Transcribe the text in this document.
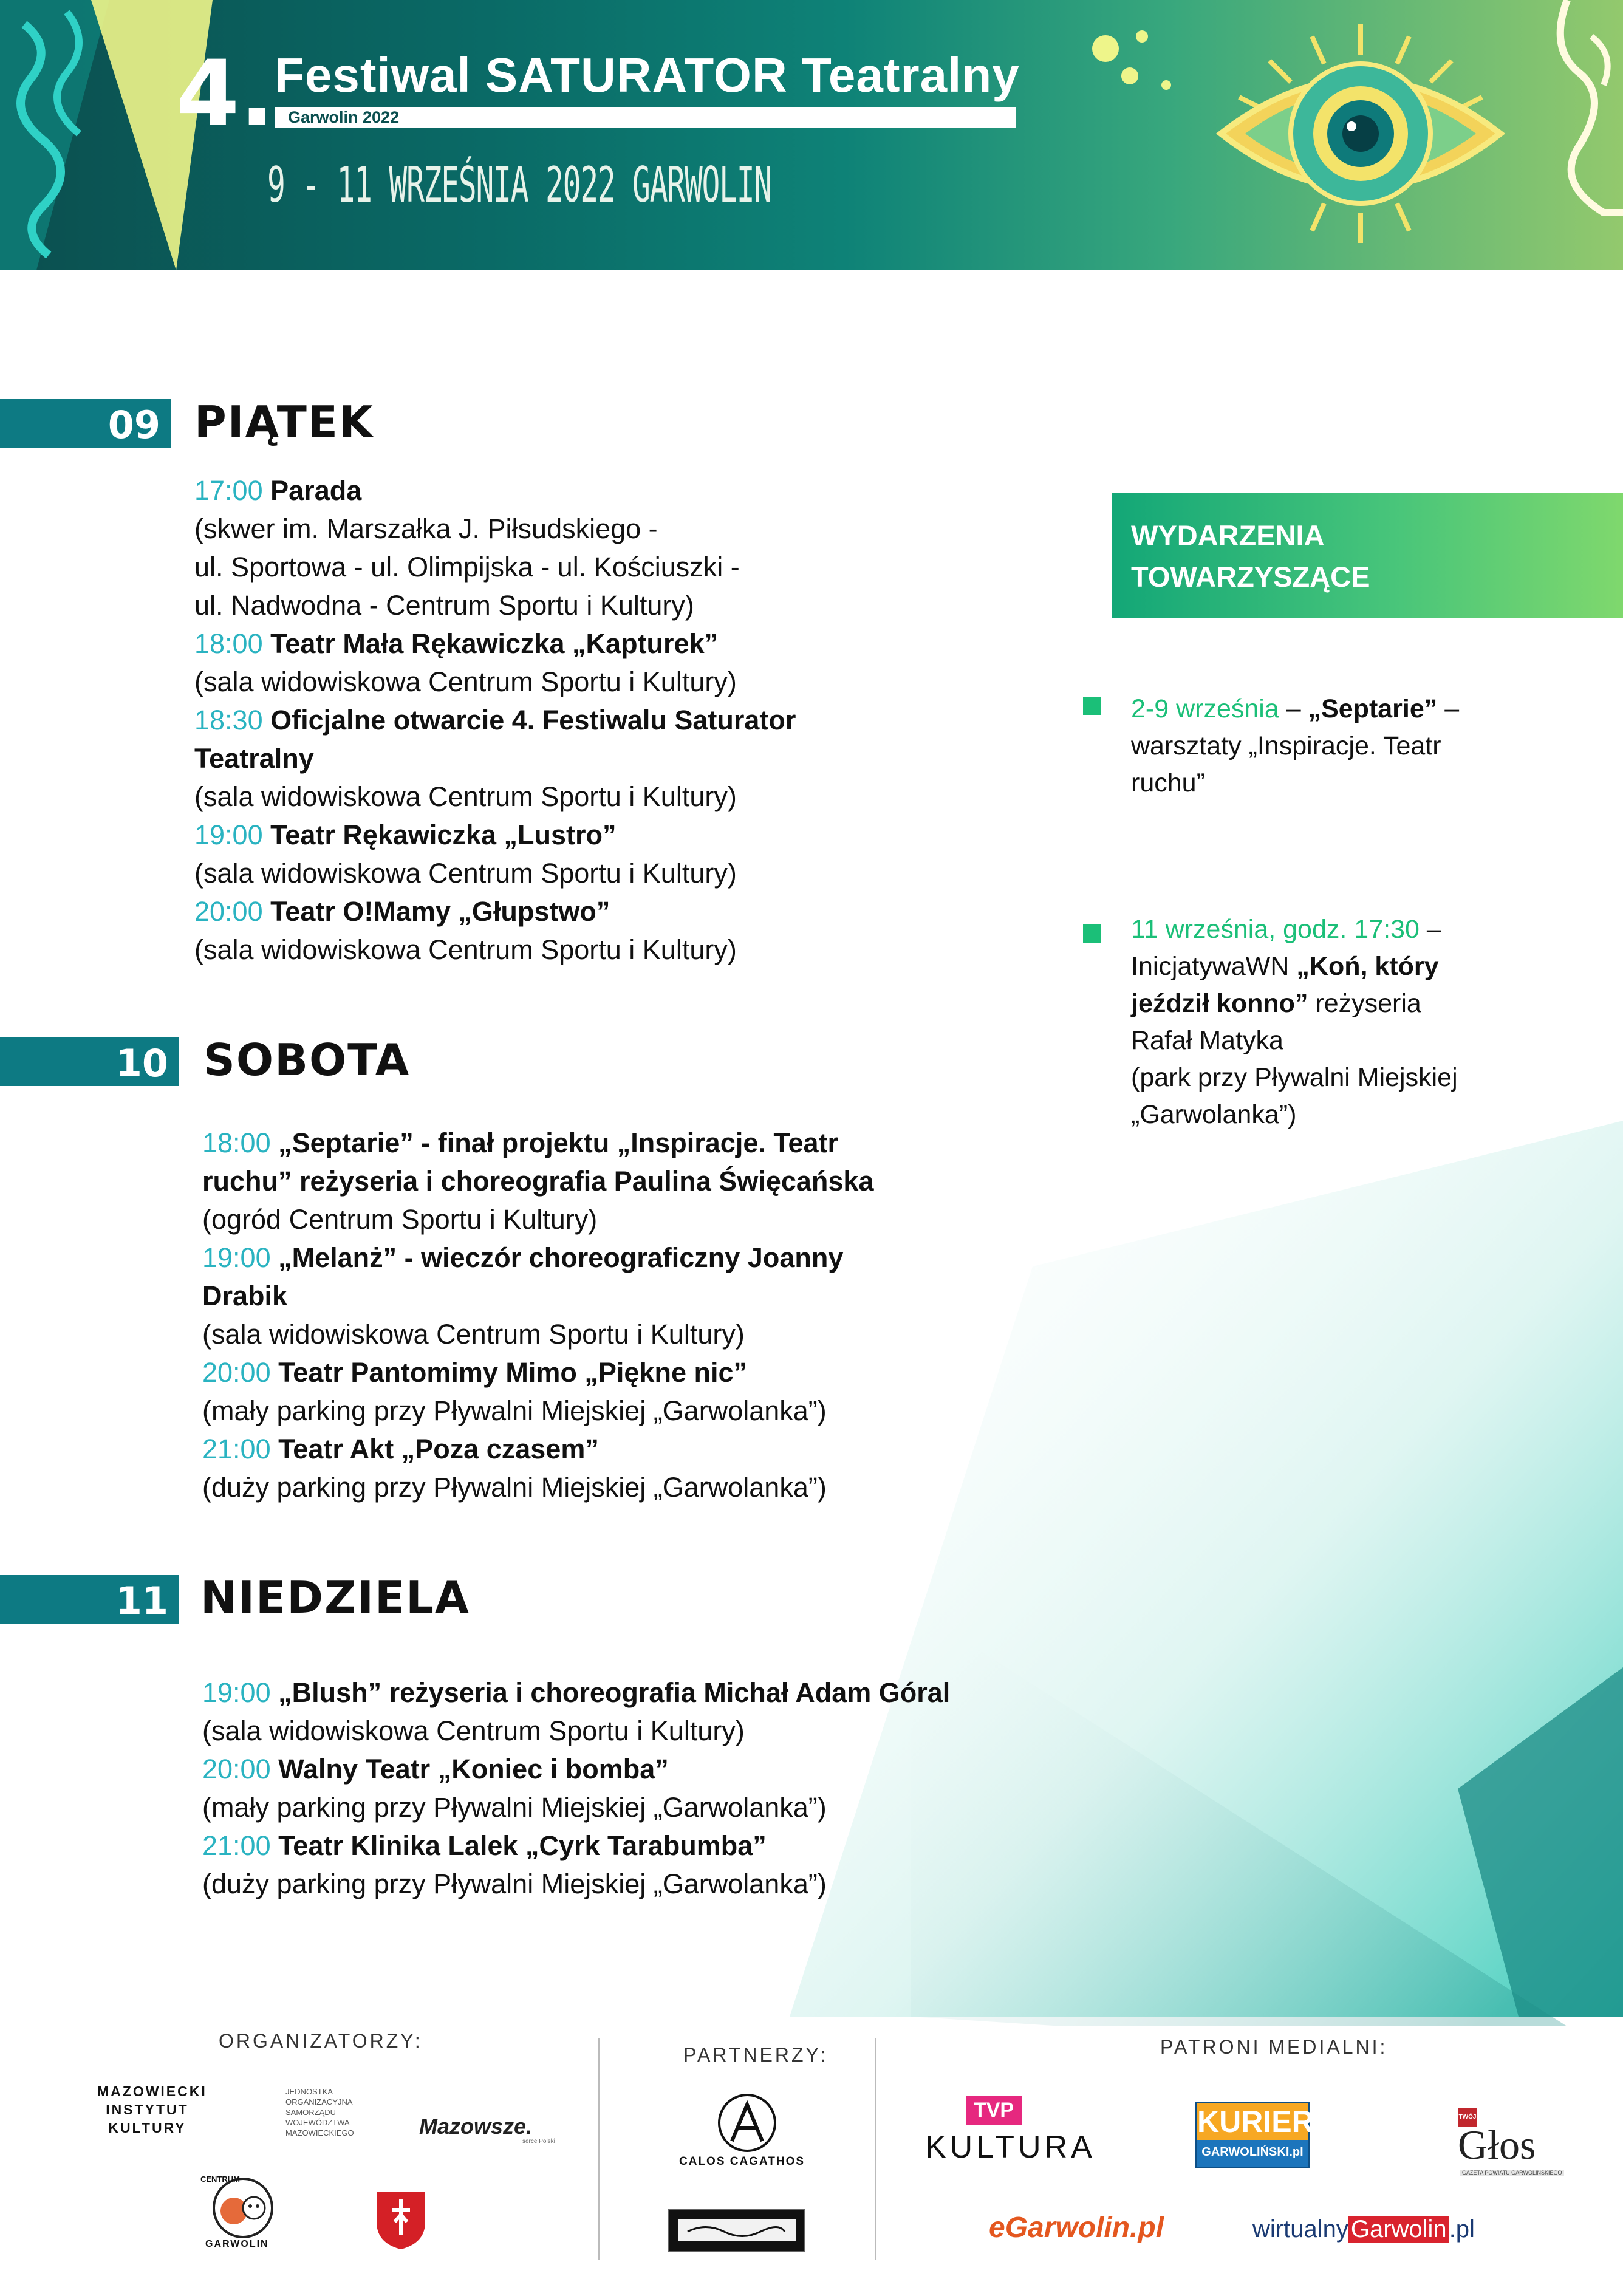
4. Festiwal SATURATOR Teatralny
Garwolin 2022
9 - 11 WRZEŚNIA 2022 GARWOLIN
09 PIĄTEK
17:00 Parada
(skwer im. Marszałka J. Piłsudskiego -
ul. Sportowa - ul. Olimpijska - ul. Kościuszki -
ul. Nadwodna - Centrum Sportu i Kultury)
18:00 Teatr Mała Rękawiczka „Kapturek”
(sala widowiskowa Centrum Sportu i Kultury)
18:30 Oficjalne otwarcie 4. Festiwalu Saturator
Teatralny
(sala widowiskowa Centrum Sportu i Kultury)
19:00 Teatr Rękawiczka „Lustro”
(sala widowiskowa Centrum Sportu i Kultury)
20:00 Teatr O!Mamy „Głupstwo”
(sala widowiskowa Centrum Sportu i Kultury)
10 SOBOTA
18:00 „Septarie” - finał projektu „Inspiracje. Teatr
ruchu” reżyseria i choreografia Paulina Święcańska
(ogród Centrum Sportu i Kultury)
19:00 „Melanż” - wieczór choreograficzny Joanny
Drabik
(sala widowiskowa Centrum Sportu i Kultury)
20:00 Teatr Pantomimy Mimo „Piękne nic”
(mały parking przy Pływalni Miejskiej „Garwolanka”)
21:00 Teatr Akt „Poza czasem”
(duży parking przy Pływalni Miejskiej „Garwolanka”)
11 NIEDZIELA
19:00 „Blush” reżyseria i choreografia Michał Adam Góral
(sala widowiskowa Centrum Sportu i Kultury)
20:00 Walny Teatr „Koniec i bomba”
(mały parking przy Pływalni Miejskiej „Garwolanka”)
21:00 Teatr Klinika Lalek „Cyrk Tarabumba”
(duży parking przy Pływalni Miejskiej „Garwolanka”)
WYDARZENIA
TOWARZYSZĄCE
2-9 września – „Septarie” –
warsztaty „Inspiracje. Teatr
ruchu”
11 września, godz. 17:30 –
InicjatywaWN „Koń, który
jeździł konno” reżyseria
Rafał Matyka
(park przy Pływalni Miejskiej
„Garwolanka”)
ORGANIZATORZY:
PARTNERZY:	PATRONI MEDIALNI:
MAZOWIECKI
INSTYTUT
KULTURY
JEDNOSTKA
ORGANIZACYJNA
SAMORZĄDU
WOJEWÓDZTWA
MAZOWIECKIEGO	Mazowsze.
serce Polski
CENTRUM
GARWOLIN
CALOS CAGATHOS
TVP
KULTURA
KURIER
GARWOLIŃSKI.pl
TWÓJ
Głos
GAZETA POWIATU GARWOLIŃSKIEGO
eGarwolin.pl	wirtualny Garwolin .pl
